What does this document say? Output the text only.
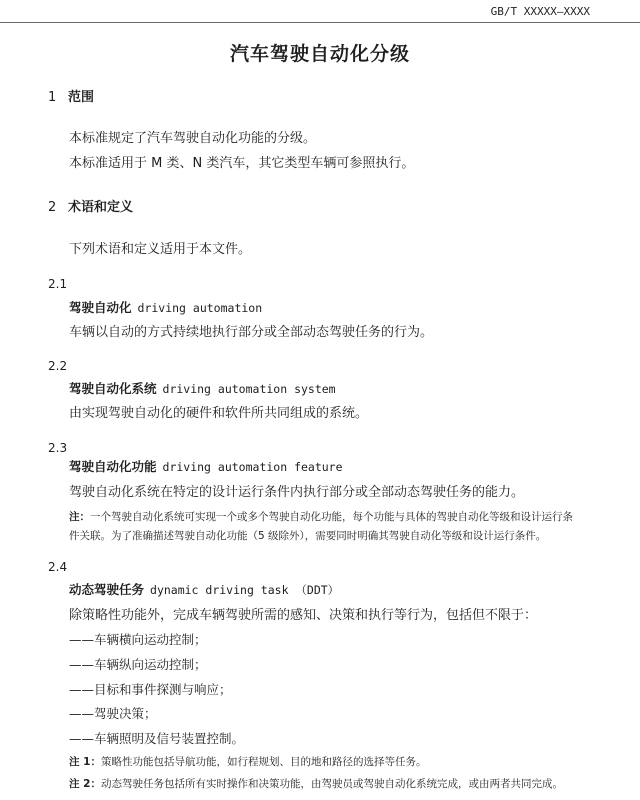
GB/T XXXXX—XXXX
汽车驾驶自动化分级
1 范围
本标准规定了汽车驾驶自动化功能的分级。
本标准适用于 M 类、N 类汽车，其它类型车辆可参照执行。
2 术语和定义
下列术语和定义适用于本文件。
2.1
驾驶自动化 driving automation
车辆以自动的方式持续地执行部分或全部动态驾驶任务的行为。
2.2
驾驶自动化系统 driving automation system
由实现驾驶自动化的硬件和软件所共同组成的系统。
2.3
驾驶自动化功能 driving automation feature
驾驶自动化系统在特定的设计运行条件内执行部分或全部动态驾驶任务的能力。
注：一个驾驶自动化系统可实现一个或多个驾驶自动化功能，每个功能与具体的驾驶自动化等级和设计运行条
件关联。为了准确描述驾驶自动化功能（5 级除外），需要同时明确其驾驶自动化等级和设计运行条件。
2.4
动态驾驶任务 dynamic driving task （DDT）
除策略性功能外，完成车辆驾驶所需的感知、决策和执行等行为，包括但不限于：
——车辆横向运动控制；
——车辆纵向运动控制；
——目标和事件探测与响应；
——驾驶决策；
——车辆照明及信号装置控制。
注 1：策略性功能包括导航功能，如行程规划、目的地和路径的选择等任务。
注 2：动态驾驶任务包括所有实时操作和决策功能，由驾驶员或驾驶自动化系统完成，或由两者共同完成。
